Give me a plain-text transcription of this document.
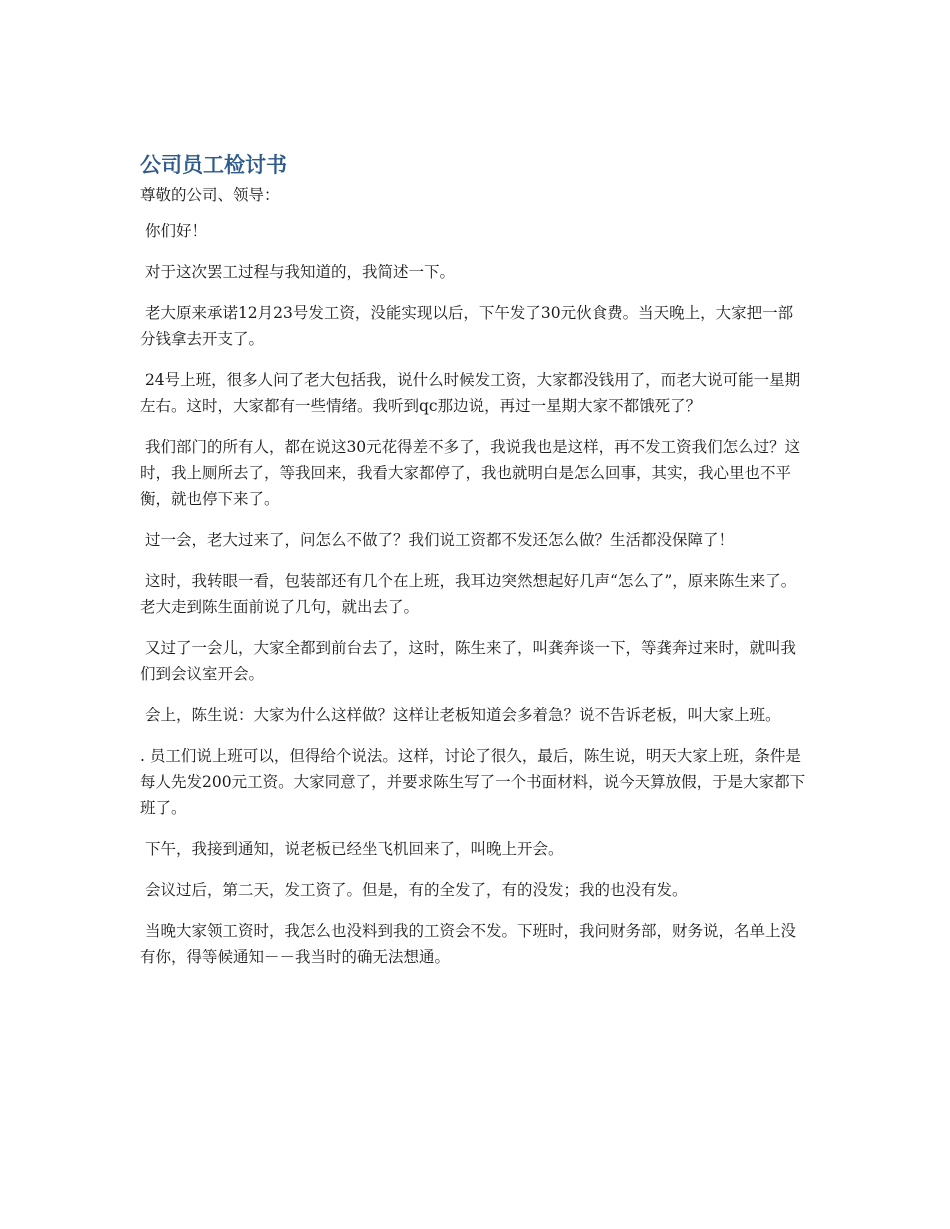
公司员工检讨书

尊敬的公司、领导：

你们好！

对于这次罢工过程与我知道的，我简述一下。

老大原来承诺12月23号发工资，没能实现以后，下午发了30元伙食费。当天晚上，大家把一部分钱拿去开支了。

24号上班，很多人问了老大包括我，说什么时候发工资，大家都没钱用了，而老大说可能一星期左右。这时，大家都有一些情绪。我听到qc那边说，再过一星期大家不都饿死了？

我们部门的所有人，都在说这30元花得差不多了，我说我也是这样，再不发工资我们怎么过？这时，我上厕所去了，等我回来，我看大家都停了，我也就明白是怎么回事，其实，我心里也不平衡，就也停下来了。

过一会，老大过来了，问怎么不做了？我们说工资都不发还怎么做？生活都没保障了！

这时，我转眼一看，包装部还有几个在上班，我耳边突然想起好几声“怎么了”，原来陈生来了。老大走到陈生面前说了几句，就出去了。

又过了一会儿，大家全都到前台去了，这时，陈生来了，叫龚奔谈一下，等龚奔过来时，就叫我们到会议室开会。

会上，陈生说：大家为什么这样做？这样让老板知道会多着急？说不告诉老板，叫大家上班。

. 员工们说上班可以，但得给个说法。这样，讨论了很久，最后，陈生说，明天大家上班，条件是每人先发200元工资。大家同意了，并要求陈生写了一个书面材料，说今天算放假，于是大家都下班了。

下午，我接到通知，说老板已经坐飞机回来了，叫晚上开会。

会议过后，第二天，发工资了。但是，有的全发了，有的没发；我的也没有发。

当晚大家领工资时，我怎么也没料到我的工资会不发。下班时，我问财务部，财务说，名单上没有你，得等候通知－－我当时的确无法想通。
